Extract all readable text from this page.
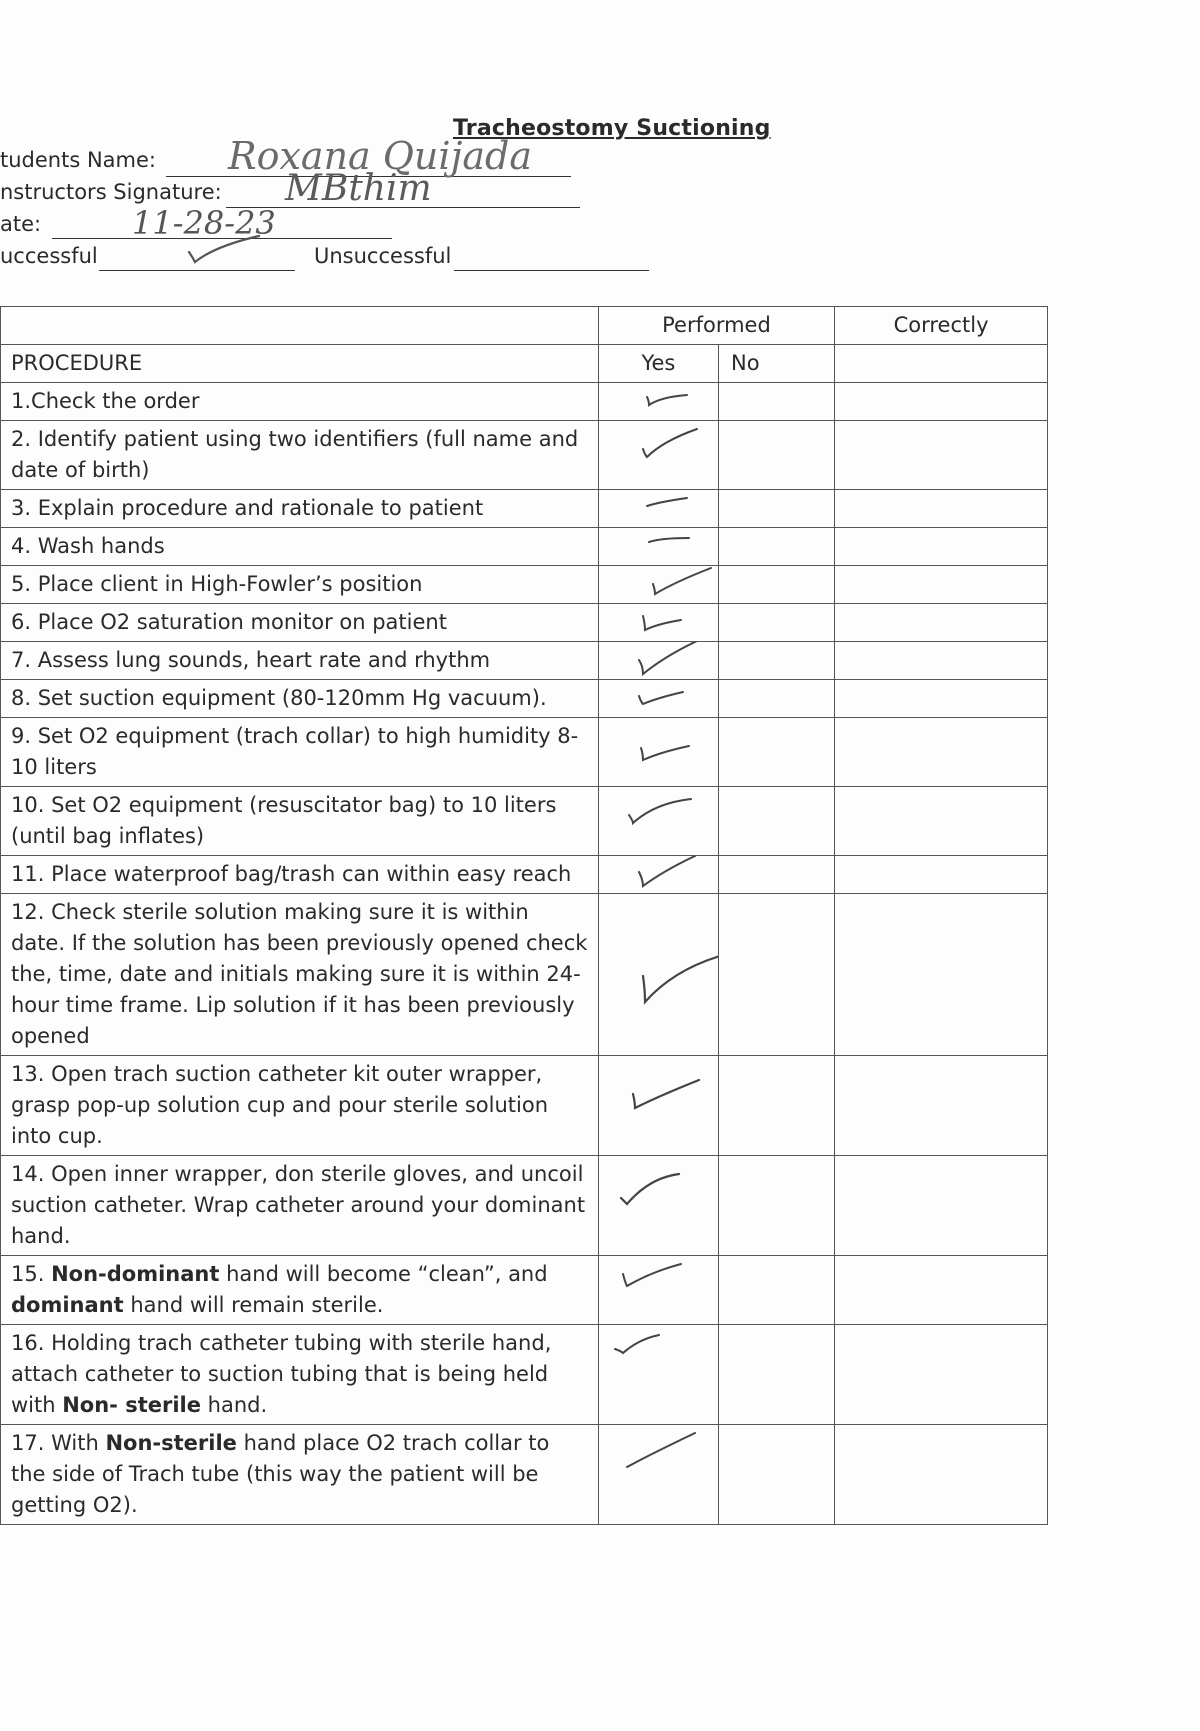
Tracheostomy Suctioning
tudents Name: Roxana Quijada
nstructors Signature: MBthim
ate:	11-28-23
uccessful	Unsuccessful
	Performed		Correctly
PROCEDURE	Yes	No	
1.Check the order	

2. Identify patient using two identifiers (full name and date of birth)	

3. Explain procedure and rationale to patient	

4. Wash hands	

5. Place client in High-Fowler’s position	

6. Place O2 saturation monitor on patient	

7. Assess lung sounds, heart rate and rhythm	

8. Set suction equipment (80-120mm Hg vacuum).	

9. Set O2 equipment (trach collar) to high humidity 8-10 liters	

10. Set O2 equipment (resuscitator bag) to 10 liters (until bag inflates)	

11. Place waterproof bag/trash can within easy reach	

12. Check sterile solution making sure it is within date. If the solution has been previously opened check the, time, date and initials making sure it is within 24-hour time frame. Lip solution if it has been previously opened	

13. Open trach suction catheter kit outer wrapper, grasp pop-up solution cup and pour sterile solution into cup.	

14. Open inner wrapper, don sterile gloves, and uncoil suction catheter. Wrap catheter around your dominant hand.	

15. Non-dominant hand will become “clean”, and dominant hand will remain sterile.	

16. Holding trach catheter tubing with sterile hand, attach catheter to suction tubing that is being held with Non- sterile hand.	

17. With Non-sterile hand place O2 trach collar to the side of Trach tube (this way the patient will be getting O2).	
